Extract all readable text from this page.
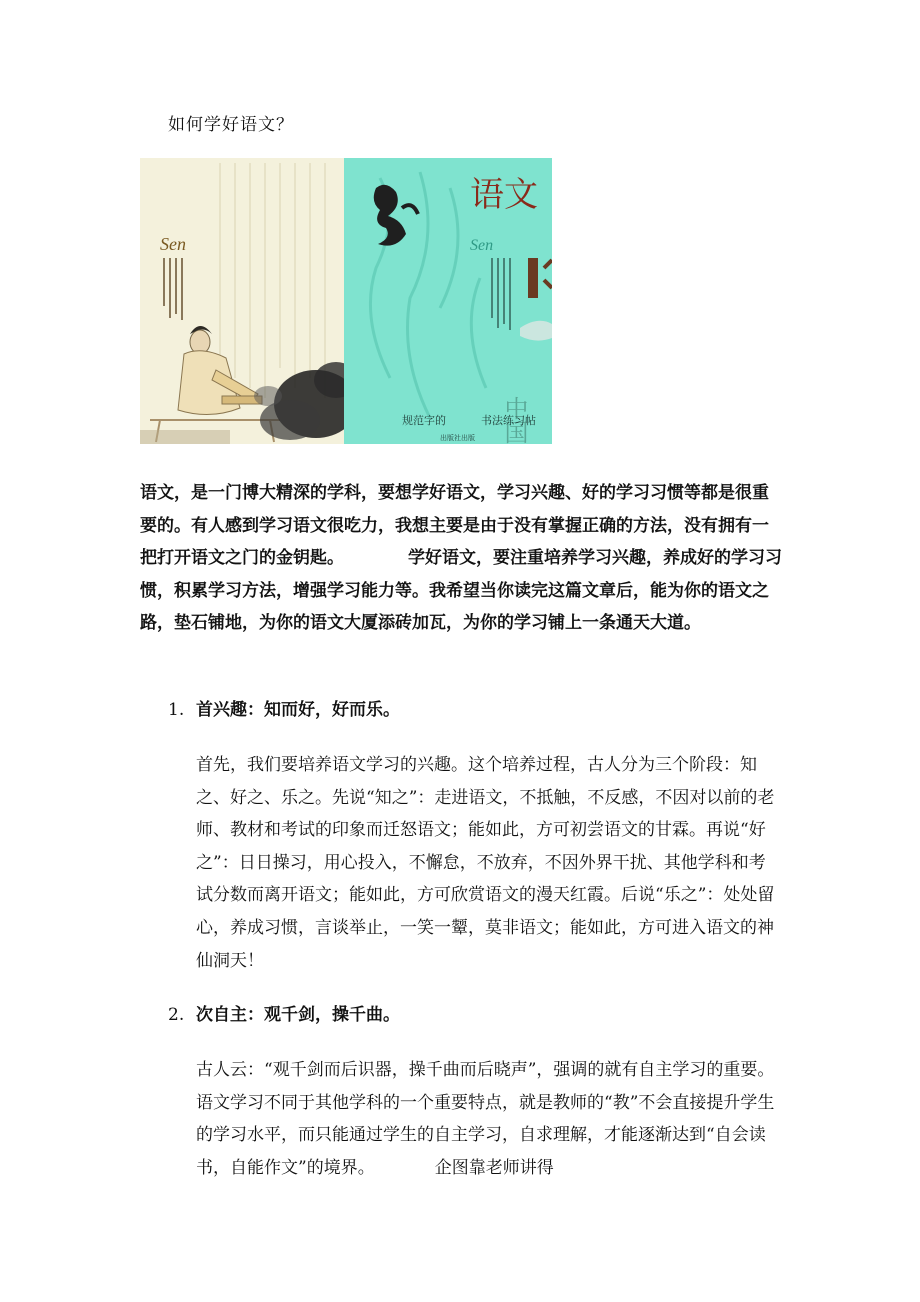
如何学好语文？
Sen
语文
Sen
中国
规范字的          书法练习帖
出版社出版

语文，是一门博大精深的学科，要想学好语文，学习兴趣、好的学习习惯等都是很重要的。有人感到学习语文很吃力，我想主要是由于没有掌握正确的方法，没有拥有一把打开语文之门的金钥匙。	学好语文，要注重培养学习兴趣，养成好的学习习惯，积累学习方法，增强学习能力等。我希望当你读完这篇文章后，能为你的语文之路，垫石铺地，为你的语文大厦添砖加瓦，为你的学习铺上一条通天大道。

1. 首兴趣：知而好，好而乐。

首先，我们要培养语文学习的兴趣。这个培养过程，古人分为三个阶段：知之、好之、乐之。先说“知之”：走进语文，不抵触，不反感，不因对以前的老师、教材和考试的印象而迁怒语文；能如此，方可初尝语文的甘霖。再说“好之”：日日操习，用心投入，不懈怠，不放弃，不因外界干扰、其他学科和考试分数而离开语文；能如此，方可欣赏语文的漫天红霞。后说“乐之”：处处留心，养成习惯，言谈举止，一笑一颦，莫非语文；能如此，方可进入语文的神仙洞天！

2. 次自主：观千剑，操千曲。

古人云：“观千剑而后识器，操千曲而后晓声”，强调的就有自主学习的重要。语文学习不同于其他学科的一个重要特点，就是教师的“教”不会直接提升学生的学习水平，而只能通过学生的自主学习，自求理解，才能逐渐达到“自会读书，自能作文”的境界。	企图靠老师讲得
